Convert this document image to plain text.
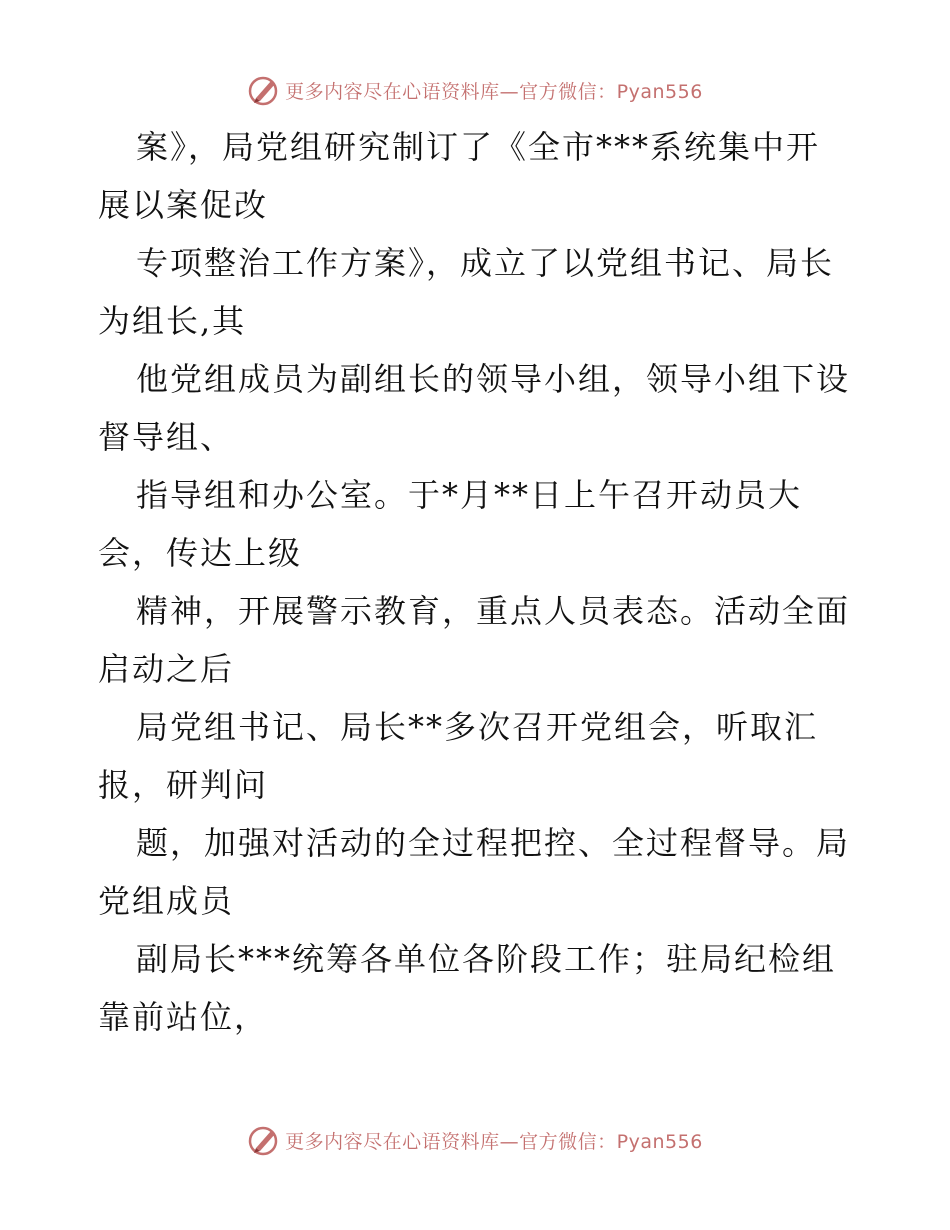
更多内容尽在心语资料库—官方微信：Pyan556
案》，局党组研究制订了《全市***系统集中开
展以案促改
专项整治工作方案》，成立了以党组书记、局长
为组长,其
他党组成员为副组长的领导小组，领导小组下设
督导组、
指导组和办公室。于*月**日上午召开动员大
会，传达上级
精神，开展警示教育，重点人员表态。活动全面
启动之后
局党组书记、局长**多次召开党组会，听取汇
报，研判问
题，加强对活动的全过程把控、全过程督导。局
党组成员
副局长***统筹各单位各阶段工作；驻局纪检组
靠前站位，
更多内容尽在心语资料库—官方微信：Pyan556
